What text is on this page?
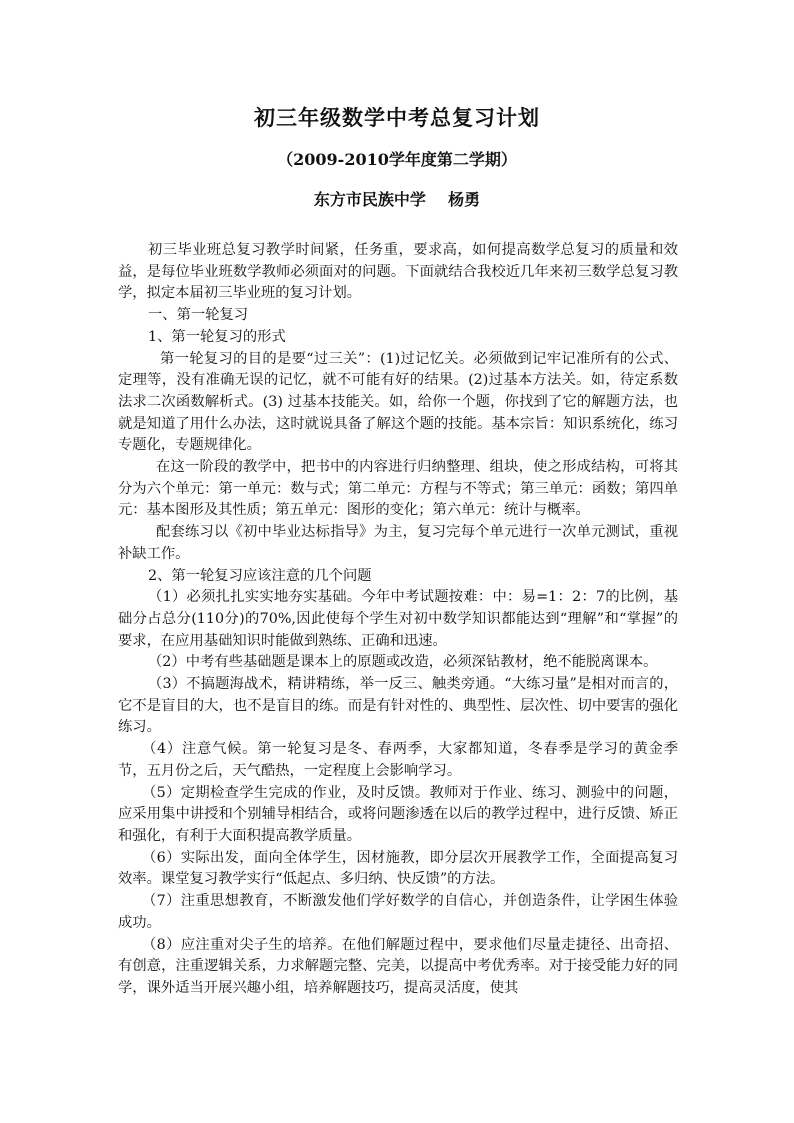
初三年级数学中考总复习计划
（2009-2010学年度第二学期）
东方市民族中学    杨勇

初三毕业班总复习教学时间紧，任务重，要求高，如何提高数学总复习的质量和效益，是每位毕业班数学教师必须面对的问题。下面就结合我校近几年来初三数学总复习教学，拟定本届初三毕业班的复习计划。

一、第一轮复习

1、第一轮复习的形式

第一轮复习的目的是要“过三关”：(1)过记忆关。必须做到记牢记准所有的公式、定理等，没有准确无误的记忆，就不可能有好的结果。(2)过基本方法关。如，待定系数法求二次函数解析式。(3) 过基本技能关。如，给你一个题，你找到了它的解题方法，也就是知道了用什么办法，这时就说具备了解这个题的技能。基本宗旨：知识系统化，练习专题化，专题规律化。

在这一阶段的教学中，把书中的内容进行归纳整理、组块，使之形成结构，可将其分为六个单元：第一单元：数与式；第二单元：方程与不等式；第三单元：函数；第四单元：基本图形及其性质；第五单元：图形的变化；第六单元：统计与概率。

配套练习以《初中毕业达标指导》为主，复习完每个单元进行一次单元测试，重视补缺工作。

2、第一轮复习应该注意的几个问题

（1）必须扎扎实实地夯实基础。今年中考试题按难：中：易=1：2：7的比例，基础分占总分(110分)的70%,因此使每个学生对初中数学知识都能达到“理解”和“掌握”的要求，在应用基础知识时能做到熟练、正确和迅速。

（2）中考有些基础题是课本上的原题或改造，必须深钻教材，绝不能脱离课本。

（3）不搞题海战术，精讲精练，举一反三、触类旁通。“大练习量”是相对而言的，它不是盲目的大，也不是盲目的练。而是有针对性的、典型性、层次性、切中要害的强化练习。

（4）注意气候。第一轮复习是冬、春两季，大家都知道，冬春季是学习的黄金季节，五月份之后，天气酷热，一定程度上会影响学习。

（5）定期检查学生完成的作业，及时反馈。教师对于作业、练习、测验中的问题，应采用集中讲授和个别辅导相结合，或将问题渗透在以后的教学过程中，进行反馈、矫正和强化，有利于大面积提高教学质量。

（6）实际出发，面向全体学生，因材施教，即分层次开展教学工作，全面提高复习效率。课堂复习教学实行“低起点、多归纳、快反馈”的方法。

（7）注重思想教育，不断激发他们学好数学的自信心，并创造条件，让学困生体验成功。

（8）应注重对尖子生的培养。在他们解题过程中，要求他们尽量走捷径、出奇招、有创意，注重逻辑关系，力求解题完整、完美，以提高中考优秀率。对于接受能力好的同学，课外适当开展兴趣小组，培养解题技巧，提高灵活度，使其
